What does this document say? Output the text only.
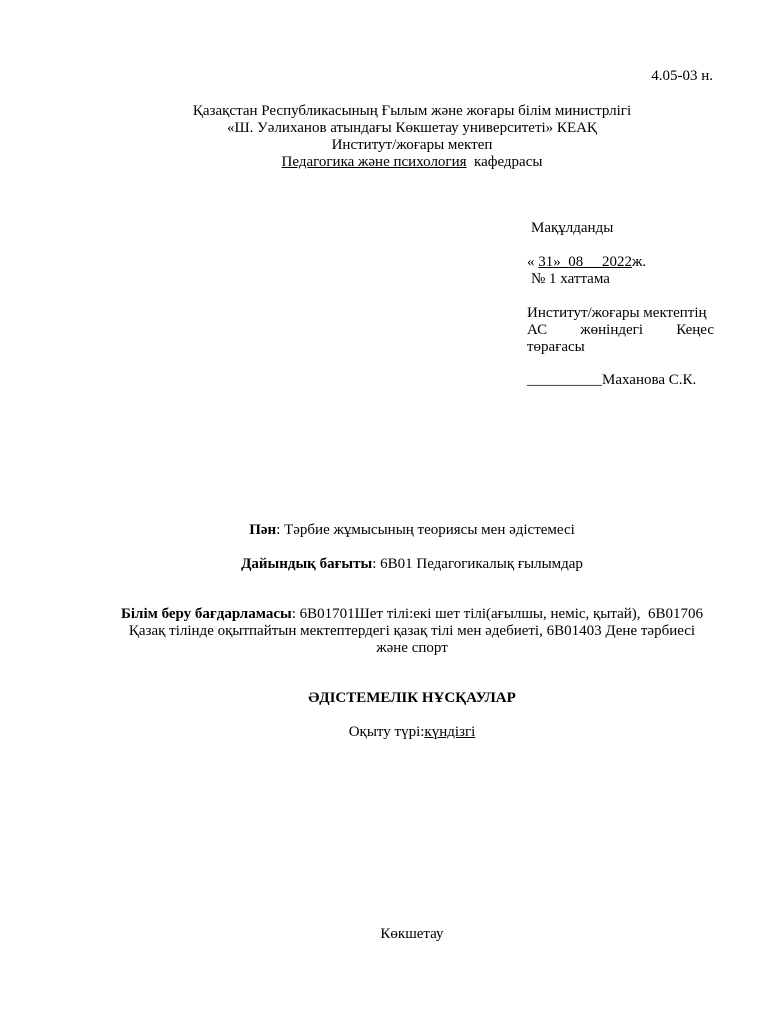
4.05-03 н.
Қазақстан Республикасының Ғылым және жоғары білім министрлігі
«Ш. Уәлиханов атындағы Көкшетау университеті» КЕАҚ
Институт/жоғары мектеп
Педагогика және психология кафедрасы
Мақұлданды
« 31»  08     2022ж.
№ 1 хаттама
Институт/жоғары мектептің
АС жөніндегі Кеңес
төрағасы
__________Маханова С.К.
Пән: Тәрбие жұмысының теориясы мен әдістемесі
Дайындық бағыты: 6В01 Педагогикалық ғылымдар
Білім беру бағдарламасы: 6В01701Шет тілі:екі шет тілі(ағылшы, неміс, қытай),  6В01706
Қазақ тілінде оқытпайтын мектептердегі қазақ тілі мен әдебиеті, 6В01403 Дене тәрбиесі
және спорт
ӘДІСТЕМЕЛІК НҰСҚАУЛАР
Оқыту түрі:күндізгі
Көкшетау
